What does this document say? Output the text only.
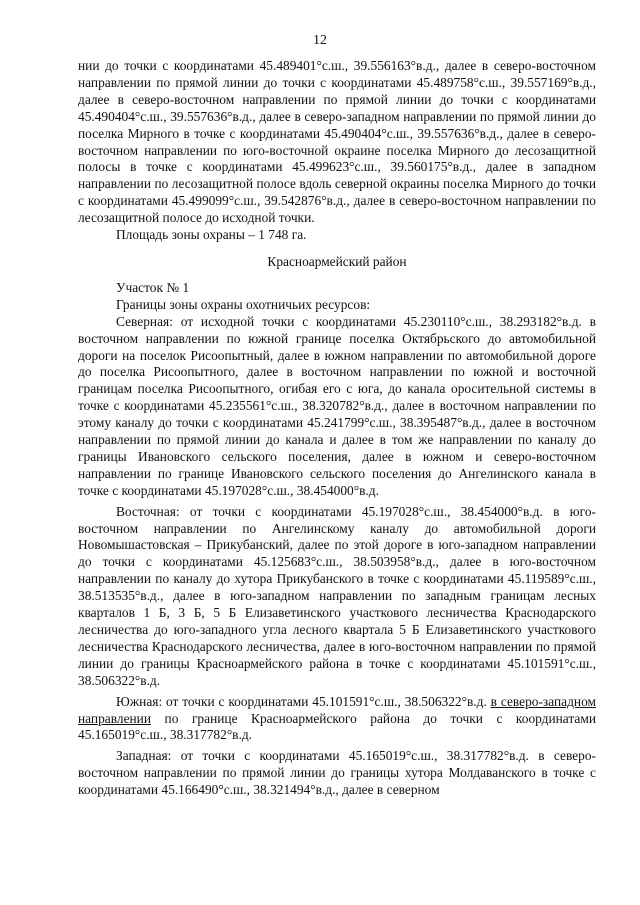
12

нии до точки с координатами 45.489401°с.ш., 39.556163°в.д., далее в северо-восточном направлении по прямой линии до точки с координатами 45.489758°с.ш., 39.557169°в.д., далее в северо-восточном направлении по прямой линии до точки с координатами 45.490404°с.ш., 39.557636°в.д., далее в северо-западном направлении по прямой линии до поселка Мирного в точке с координатами 45.490404°с.ш., 39.557636°в.д., далее в северо-восточном направлении по юго-восточной окраине поселка Мирного до лесозащитной полосы в точке с координатами 45.499623°с.ш., 39.560175°в.д., далее в западном направлении по лесозащитной полосе вдоль северной окраины поселка Мирного до точки с координатами 45.499099°с.ш., 39.542876°в.д., далее в северо-восточном направлении по лесозащитной полосе до исходной точки.

Площадь зоны охраны – 1 748 га.

Красноармейский район

Участок № 1

Границы зоны охраны охотничьих ресурсов:

Северная: от исходной точки с координатами 45.230110°с.ш., 38.293182°в.д. в восточном направлении по южной границе поселка Октябрьского до автомобильной дороги на поселок Рисоопытный, далее в южном направлении по автомобильной дороге до поселка Рисоопытного, далее в восточном направлении по южной и восточной границам поселка Рисоопытного, огибая его с юга, до канала оросительной системы в точке с координатами 45.235561°с.ш., 38.320782°в.д., далее в восточном направлении по этому каналу до точки с координатами 45.241799°с.ш., 38.395487°в.д., далее в восточном направлении по прямой линии до канала и далее в том же направлении по каналу до границы Ивановского сельского поселения, далее в южном и северо-восточном направлении по границе Ивановского сельского поселения до Ангелинского канала в точке с координатами 45.197028°с.ш., 38.454000°в.д.

Восточная: от точки с координатами 45.197028°с.ш., 38.454000°в.д. в юго-восточном направлении по Ангелинскому каналу до автомобильной дороги Новомышастовская – Прикубанский, далее по этой дороге в юго-западном направлении до точки с координатами 45.125683°с.ш., 38.503958°в.д., далее в юго-восточном направлении по каналу до хутора Прикубанского в точке с координатами 45.119589°с.ш., 38.513535°в.д., далее в юго-западном направлении по западным границам лесных кварталов 1 Б, 3 Б, 5 Б Елизаветинского участкового лесничества Краснодарского лесничества до юго-западного угла лесного квартала 5 Б Елизаветинского участкового лесничества Краснодарского лесничества, далее в юго-восточном направлении по прямой линии до границы Красноармейского района в точке с координатами 45.101591°с.ш., 38.506322°в.д.

Южная: от точки с координатами 45.101591°с.ш., 38.506322°в.д. в северо-западном направлении по границе Красноармейского района до точки с координатами 45.165019°с.ш., 38.317782°в.д.

Западная: от точки с координатами 45.165019°с.ш., 38.317782°в.д. в северо-восточном направлении по прямой линии до границы хутора Молдаванского в точке с координатами 45.166490°с.ш., 38.321494°в.д., далее в северном
